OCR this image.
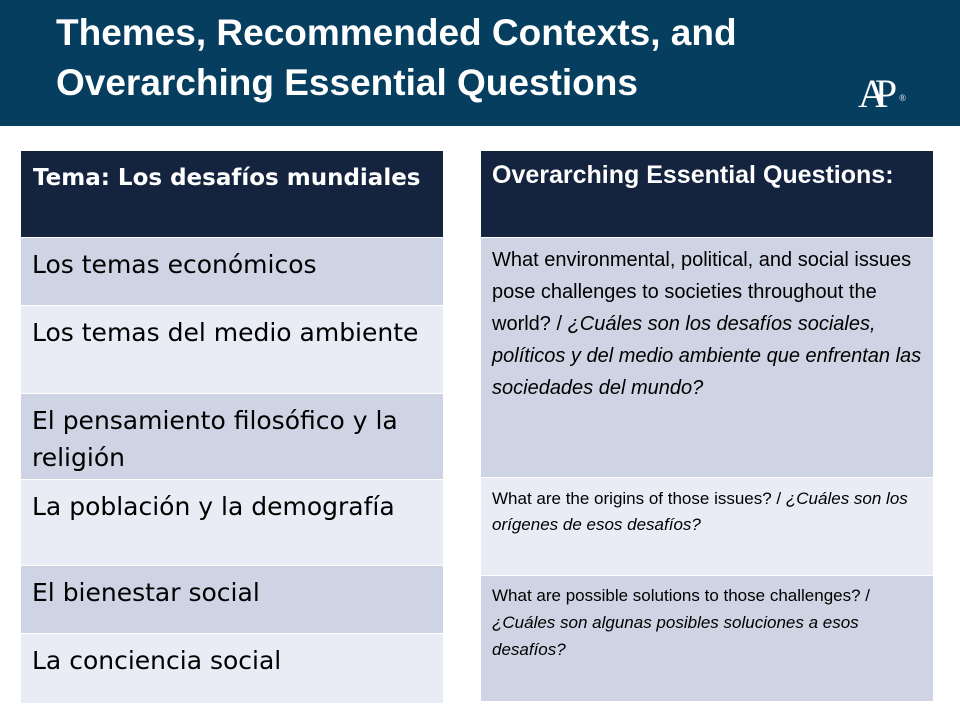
Themes, Recommended Contexts, and Overarching Essential Questions	AP ®
Tema: Los desafíos mundiales
Los temas económicos
Los temas del medio ambiente
El pensamiento filosófico y la religión
La población y la demografía
El bienestar social
La conciencia social
Overarching Essential Questions:
What environmental, political, and social issues pose challenges to societies throughout the world? / ¿Cuáles son los desafíos sociales, políticos y del medio ambiente que enfrentan las sociedades del mundo?
What are the origins of those issues? / ¿Cuáles son los orígenes de esos desafíos?
What are possible solutions to those challenges? / ¿Cuáles son algunas posibles soluciones a esos desafíos?
